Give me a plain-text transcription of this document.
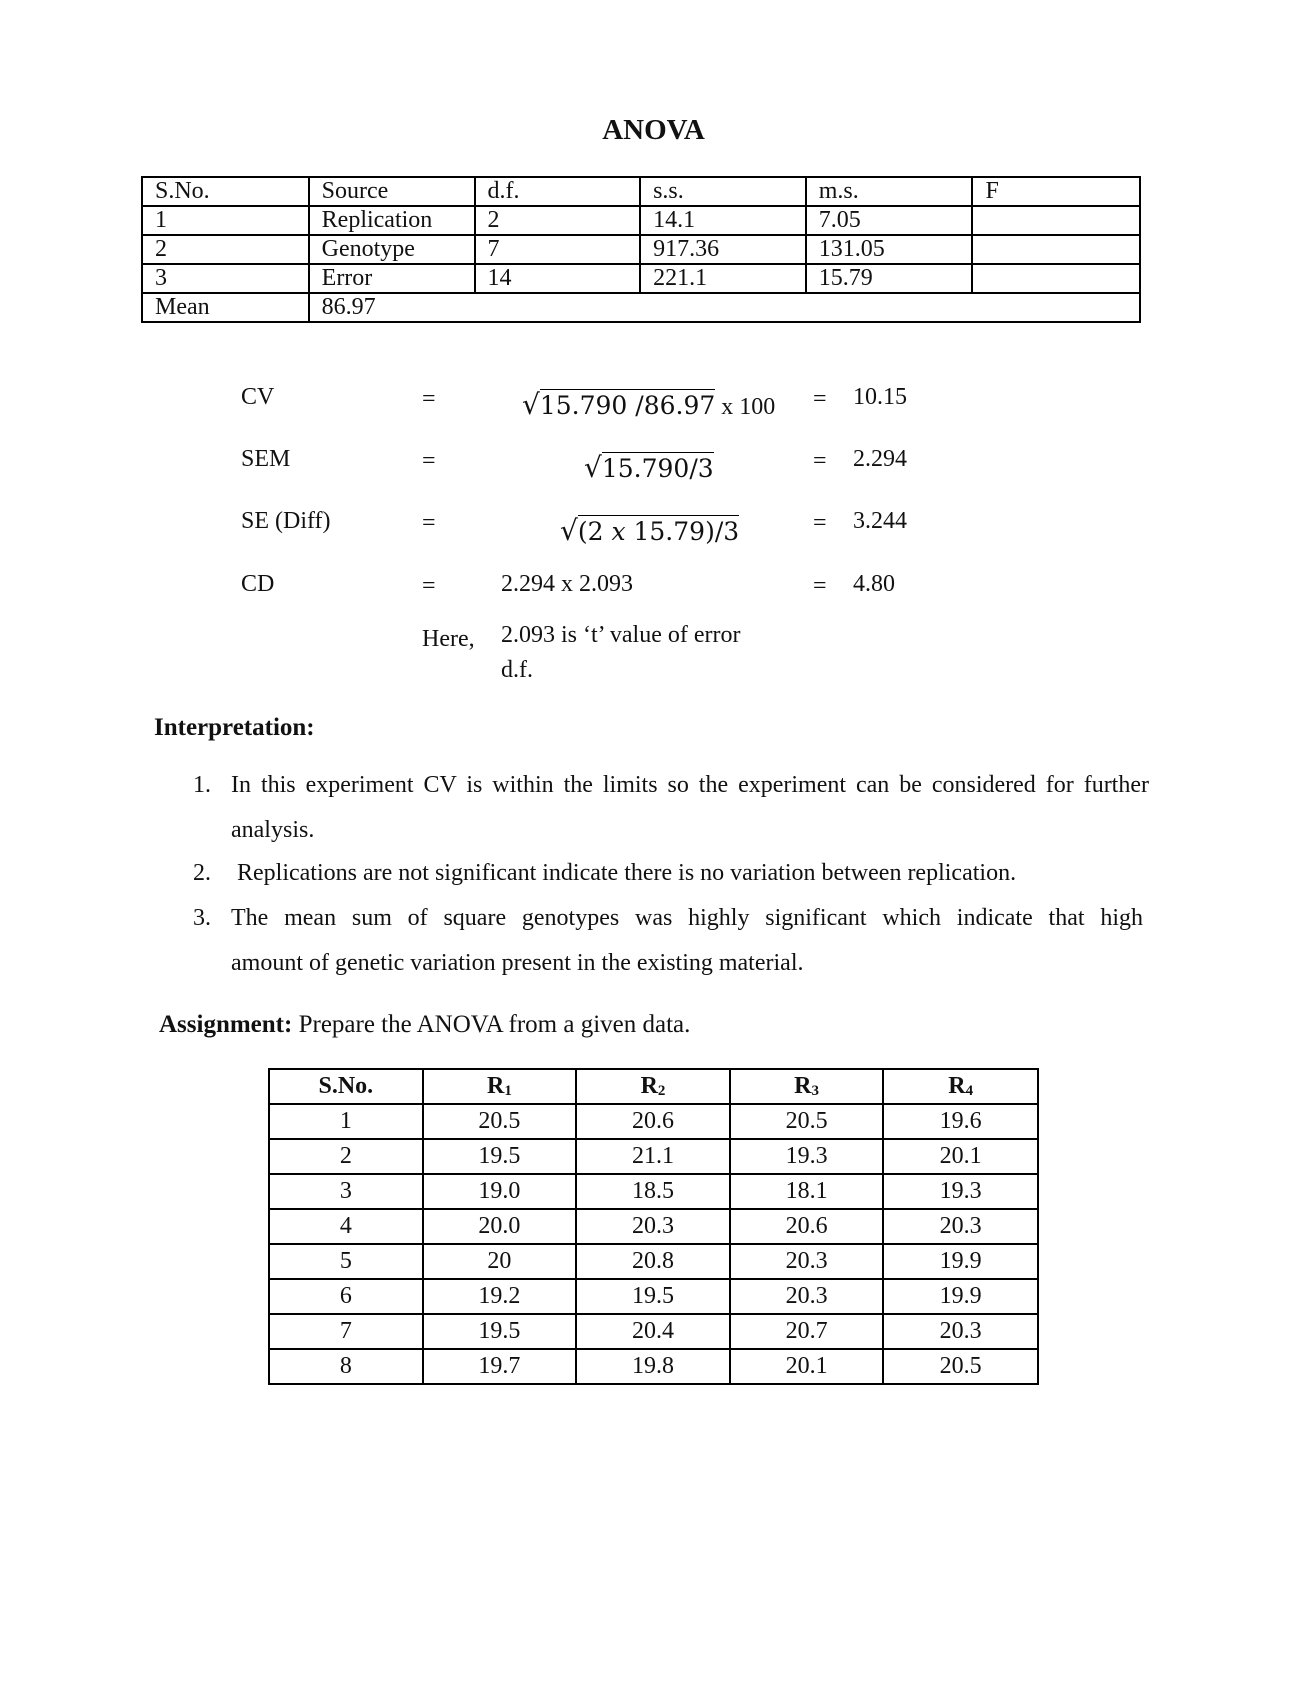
ANOVA
S.No.	Source	d.f.	s.s.	m.s.	F
1	Replication	2	14.1	7.05	
2	Genotype	7	917.36	131.05	
3	Error	14	221.1	15.79	
Mean	86.97				
CV	=	√15.790 /86.97 x 100 = 10.15
SEM	=	√15.790/3	= 2.294
SE (Diff)	=	√(2 𝑥 15.79)/3	= 3.244
CD	=	2.294 x 2.093	= 4.80
Here, 2.093 is ‘t’ value of error
d.f.
Interpretation:
1. In this experiment CV is within the limits so the experiment can be considered for further
analysis.
2. Replications are not significant indicate there is no variation between replication.
3. The mean sum of square genotypes was highly significant which indicate that high
amount of genetic variation present in the existing material.
Assignment: Prepare the ANOVA from a given data.
S.No.	$R_1$	$R_2$	$R_3$	$R_4$
1	20.5	20.6	20.5	19.6
2	19.5	21.1	19.3	20.1
3	19.0	18.5	18.1	19.3
4	20.0	20.3	20.6	20.3
5	20	20.8	20.3	19.9
6	19.2	19.5	20.3	19.9
7	19.5	20.4	20.7	20.3
8	19.7	19.8	20.1	20.5
